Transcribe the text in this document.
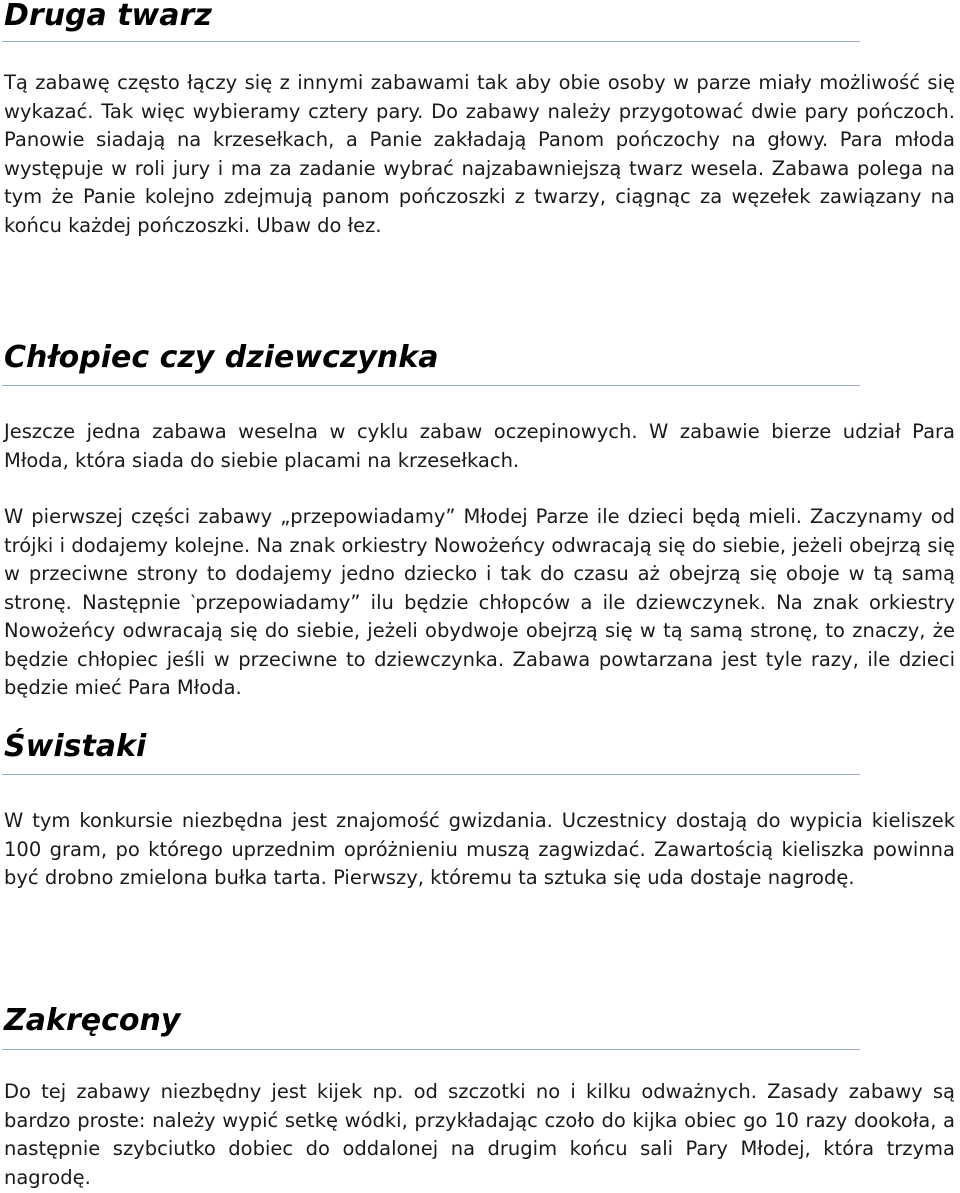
Druga twarz

Tą zabawę często łączy się z innymi zabawami tak aby obie osoby w parze miały możliwość się wykazać. Tak więc wybieramy cztery pary. Do zabawy należy przygotować dwie pary pończoch. Panowie siadają na krzesełkach, a Panie zakładają Panom pończochy na głowy. Para młoda występuje w roli jury i ma za zadanie wybrać najzabawniejszą twarz wesela. Zabawa polega na tym że Panie kolejno zdejmują panom pończoszki z twarzy, ciągnąc za węzełek zawiązany na końcu każdej pończoszki. Ubaw do łez.

Chłopiec czy dziewczynka

Jeszcze jedna zabawa weselna w cyklu zabaw oczepinowych. W zabawie bierze udział Para Młoda, która siada do siebie placami na krzesełkach.

W pierwszej części zabawy „przepowiadamy” Młodej Parze ile dzieci będą mieli. Zaczynamy od trójki i dodajemy kolejne. Na znak orkiestry Nowożeńcy odwracają się do siebie, jeżeli obejrzą się w przeciwne strony to dodajemy jedno dziecko i tak do czasu aż obejrzą się oboje w tą samą stronę. Następnie ‵przepowiadamy” ilu będzie chłopców a ile dziewczynek. Na znak orkiestry Nowożeńcy odwracają się do siebie, jeżeli obydwoje obejrzą się w tą samą stronę, to znaczy, że będzie chłopiec jeśli w przeciwne to dziewczynka. Zabawa powtarzana jest tyle razy, ile dzieci będzie mieć Para Młoda.

Świstaki

W tym konkursie niezbędna jest znajomość gwizdania. Uczestnicy dostają do wypicia kieliszek 100 gram, po którego uprzednim opróżnieniu muszą zagwizdać. Zawartością kieliszka powinna być drobno zmielona bułka tarta. Pierwszy, któremu ta sztuka się uda dostaje nagrodę.

Zakręcony

Do tej zabawy niezbędny jest kijek np. od szczotki no i kilku odważnych. Zasady zabawy są bardzo proste: należy wypić setkę wódki, przykładając czoło do kijka obiec go 10 razy dookoła, a następnie szybciutko dobiec do oddalonej na drugim końcu sali Pary Młodej, która trzyma nagrodę.
